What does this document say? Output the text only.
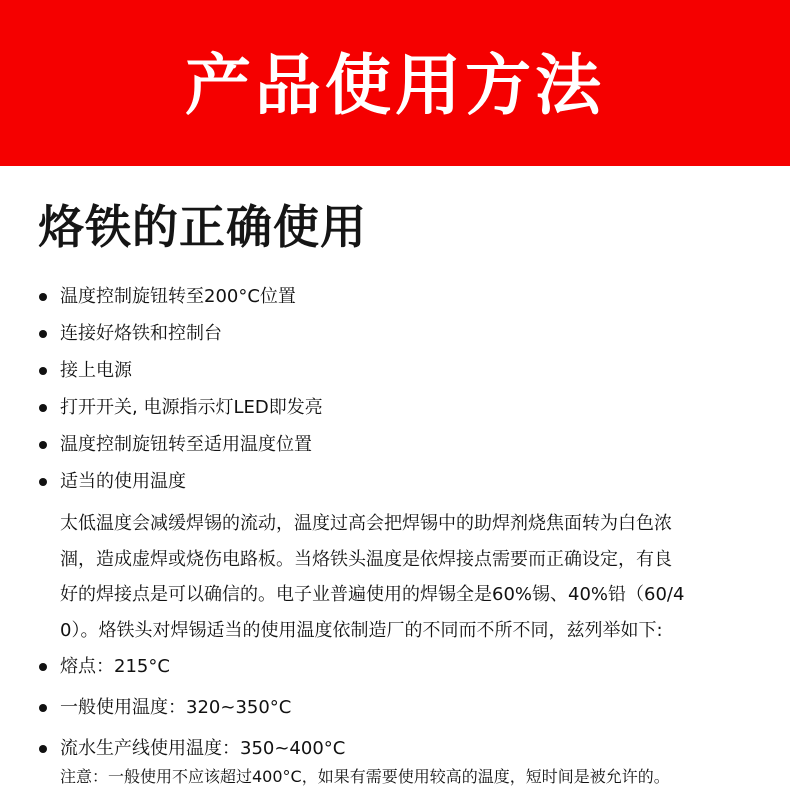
产品使用方法
烙铁的正确使用
温度控制旋钮转至200°C位置
连接好烙铁和控制台
接上电源
打开开关, 电源指示灯LED即发亮
温度控制旋钮转至适用温度位置
适当的使用温度
太低温度会减缓焊锡的流动，温度过高会把焊锡中的助焊剂烧焦面转为白色浓
涸，造成虚焊或烧伤电路板。当烙铁头温度是依焊接点需要而正确设定，有良
好的焊接点是可以确信的。电子业普遍使用的焊锡全是60%锡、40%铅（60/4
0）。烙铁头对焊锡适当的使用温度依制造厂的不同而不所不同，兹列举如下:
熔点：215°C
一般使用温度：320~350°C
流水生产线使用温度：350~400°C
注意：一般使用不应该超过400°C，如果有需要使用较高的温度，短时间是被允许的。
